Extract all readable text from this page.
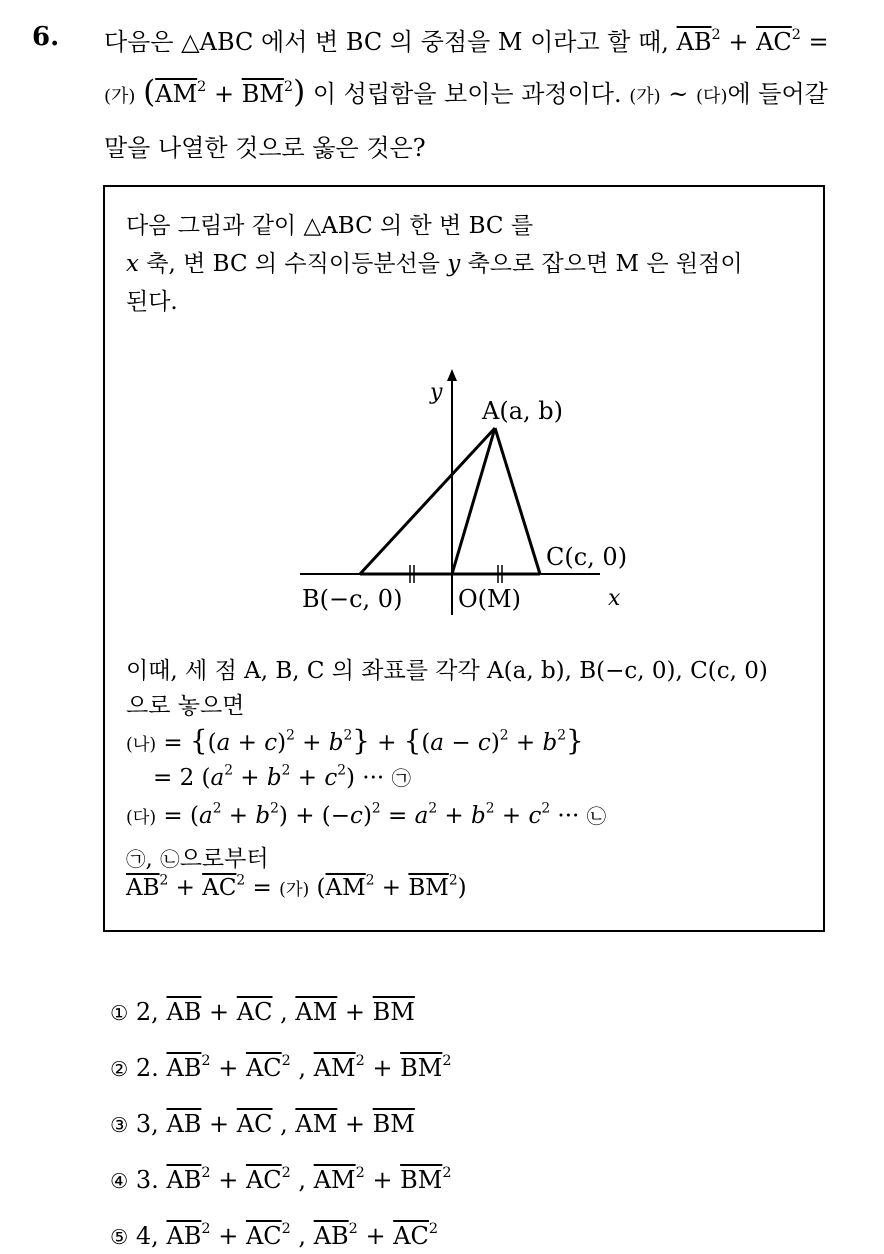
6. 다음은 △ABC 에서 변 BC 의 중점을 M 이라고 할 때, $\overline{AB}^2 + \overline{AC}^2$ =
(가) $(\overline{AM}^2 + \overline{BM}^2)$ 이 성립함을 보이는 과정이다. (가) ~ (다)에 들어갈
말을 나열한 것으로 옳은 것은?
다음 그림과 같이 △ABC 의 한 변 BC 를
x 축, 변 BC 의 수직이등분선을 y 축으로 잡으면 M 은 원점이
된다.
y
A(a, b)
C(c, 0)
B(−c, 0) O(M)	x
이때, 세 점 A, B, C 의 좌표를 각각 A(a, b), B(−c, 0), C(c, 0)
으로 놓으면
(나) = $\{(a + c)^2 + b^2\} + \{(a - c)^2 + b^2\}$
= 2 $(a^2 + b^2 + c^2)$ ··· ㉠
(다) = $(a^2 + b^2) + (-c)^2 = a^2 + b^2 + c^2$ ··· ㉡
㉠, ㉡으로부터
$\overline{AB}^2 + \overline{AC}^2$ = (가) $(\overline{AM}^2 + \overline{BM}^2)$
① 2, $\overline{AB} + \overline{AC}$ , $\overline{AM} + \overline{BM}$
② 2. $\overline{AB}^2 + \overline{AC}^2$ , $\overline{AM}^2 + \overline{BM}^2$
③ 3, $\overline{AB} + \overline{AC}$ , $\overline{AM} + \overline{BM}$
④ 3. $\overline{AB}^2 + \overline{AC}^2$ , $\overline{AM}^2 + \overline{BM}^2$
⑤ 4, $\overline{AB}^2 + \overline{AC}^2$ , $\overline{AB}^2 + \overline{AC}^2$
